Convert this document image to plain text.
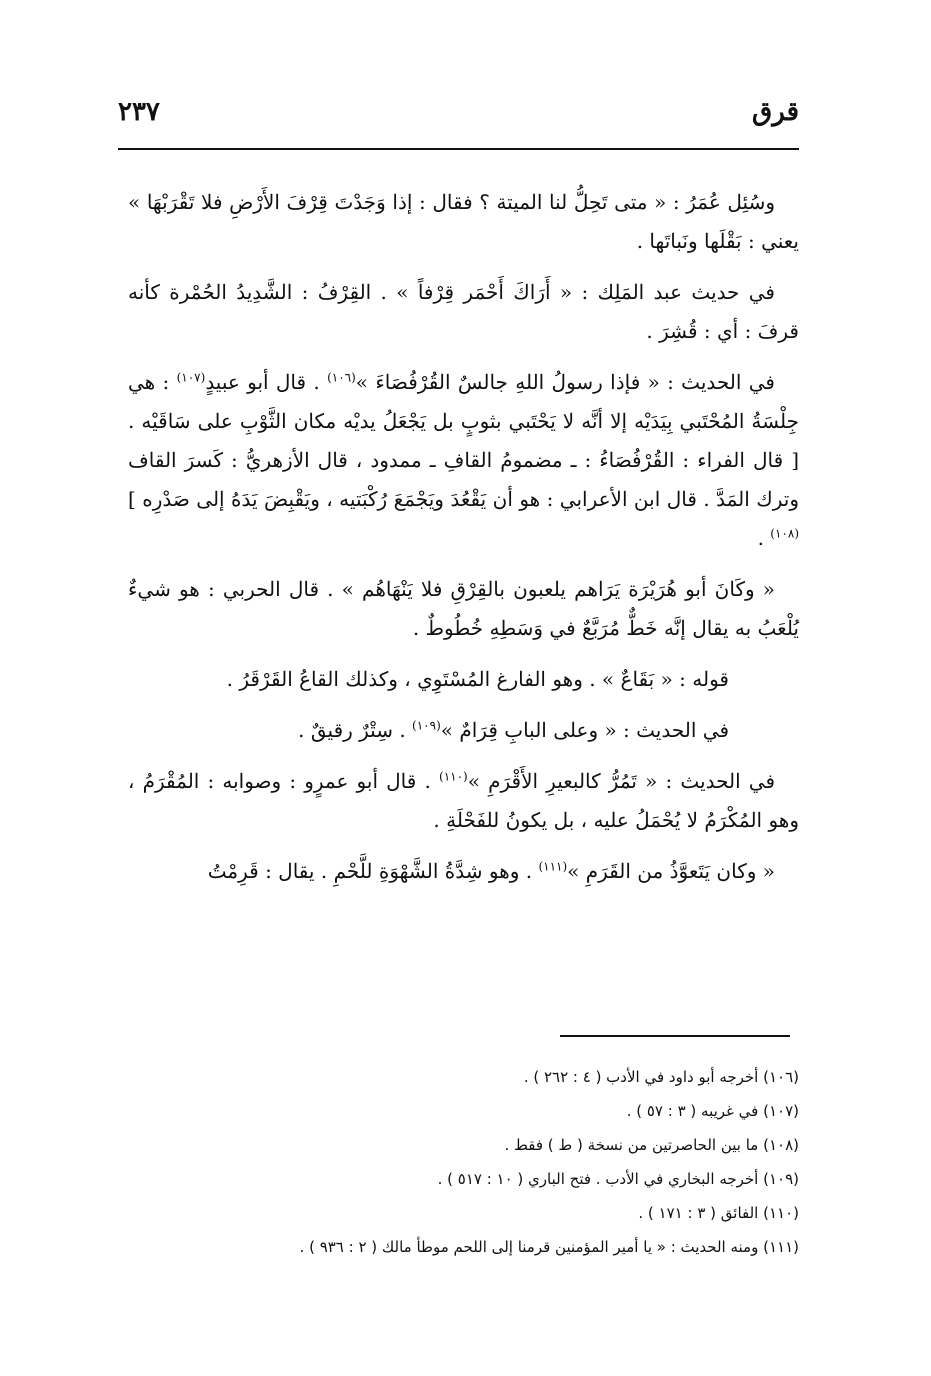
٢٣٧	قرق

وسُئِل عُمَرُ : « متى تَحِلُّ لنا الميتة ؟ فقال : إذا وَجَدْتَ قِرْفَ الأَرْضِ فلا تَقْرَبْهَا » يعني : بَقْلَها ونَباتَها .

في حديث عبد المَلِك : « أَرَاكَ أَحْمَر قِرْفاً » . القِرْفُ : الشَّدِيدُ الحُمْرة كأنه قرفَ : أي : قُشِرَ .

في الحديث : « فإذا رسولُ اللهِ جالسٌ القُرْفُصَاءَ »$^{(١٠٦)}$ . قال أبو عبيدٍ$^{(١٠٧)}$ : هي جِلْسَةُ المُحْتَبي بِيَدَيْه إلا أنَّه لا يَحْتَبي بثوبٍ بل يَجْعَلُ يديْه مكان الثَّوْبِ على سَاقَيْه . [ قال الفراء : القُرْفُصَاءُ : ـ مضمومُ القافِ ـ ممدود ، قال الأزهريُّ : كَسرَ القاف وترك المَدَّ . قال ابن الأعرابي : هو أن يَقْعُدَ ويَجْمَعَ رُكْبَتيه ، ويَقْبِضَ يَدَهُ إلى صَدْرِه ]$^{(١٠٨)}$ .

« وكَانَ أبو هُرَيْرَة يَرَاهم يلعبون بالقِرْقِ فلا يَنْهَاهُم » . قال الحربي : هو شيءٌ يُلْعَبُ به يقال إنَّه خَطٌّ مُرَبَّعٌ في وَسَطِهِ خُطُوطٌ .

قوله : « بَقَاعٌ » . وهو الفارغ المُسْتَوِي ، وكذلك القاعُ القَرْقَرُ .

في الحديث : « وعلى البابِ قِرَامٌ »$^{(١٠٩)}$ . سِتْرٌ رقيقٌ .

في الحديث : « تَمُرُّ كالبعيرِ الأَقْرَمِ »$^{(١١٠)}$ . قال أبو عمرٍو : وصوابه : المُقْرَمُ ، وهو المُكْرَمُ لا يُحْمَلُ عليه ، بل يكونُ للفَحْلَةِ .

« وكان يَتَعوَّذُ من القَرَمِ »$^{(١١١)}$ . وهو شِدَّةُ الشَّهْوَةِ للَّحْمِ . يقال : قَرِمْتُ

(١٠٦) أخرجه أبو داود في الأدب ( ٤ : ٢٦٢ ) .
(١٠٧) في غريبه ( ٣ : ٥٧ ) .
(١٠٨) ما بين الحاصرتين من نسخة ( ط ) فقط .
(١٠٩) أخرجه البخاري في الأدب . فتح الباري ( ١٠ : ٥١٧ ) .
(١١٠) الفائق ( ٣ : ١٧١ ) .
(١١١) ومنه الحديث : « يا أمير المؤمنين قرمنا إلى اللحم موطأ مالك ( ٢ : ٩٣٦ ) .
